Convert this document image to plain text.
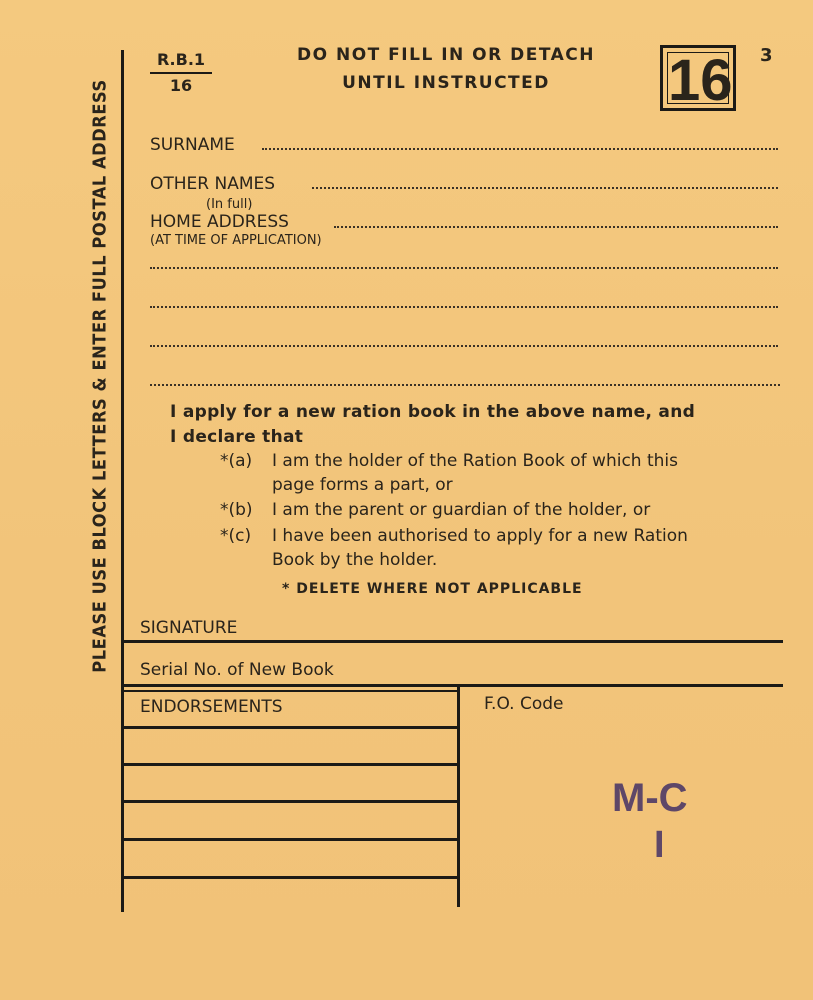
PLEASE USE BLOCK LETTERS & ENTER FULL POSTAL ADDRESS
R.B.1
16
DO NOT FILL IN OR DETACH
UNTIL INSTRUCTED	16 3
SURNAME
OTHER NAMES
(In full)
HOME ADDRESS
(AT TIME OF APPLICATION)
I apply for a new ration book in the above name, and
I declare that
*(a) I am the holder of the Ration Book of which this
page forms a part, or
*(b) I am the parent or guardian of the holder, or
*(c) I have been authorised to apply for a new Ration
Book by the holder.
* DELETE WHERE NOT APPLICABLE
SIGNATURE
Serial No. of New Book
ENDORSEMENTS	F.O. Code
M-C
I
